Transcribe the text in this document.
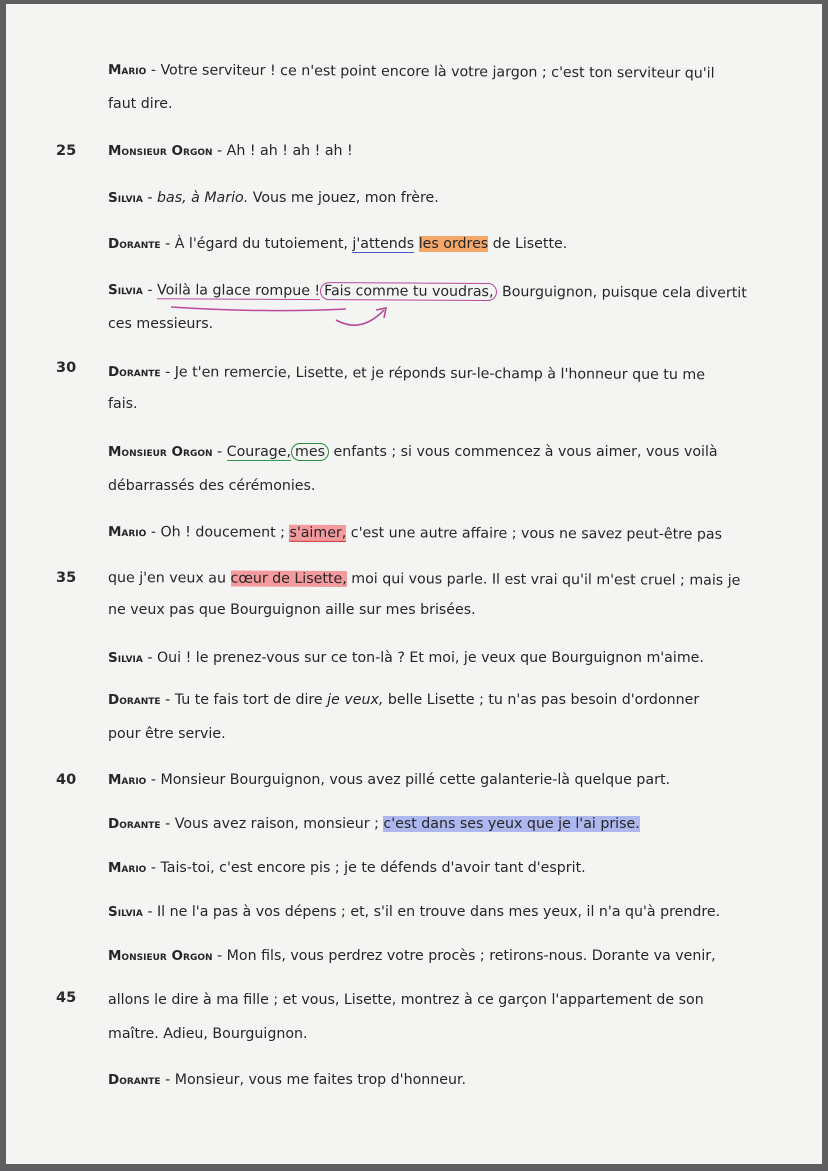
25
30
35
40
45
Mario - Votre serviteur ! ce n'est point encore là votre jargon ; c'est ton serviteur qu'il
faut dire.
Monsieur Orgon - Ah ! ah ! ah ! ah !
Silvia - bas, à Mario. Vous me jouez, mon frère.
Dorante - À l'égard du tutoiement, j'attends les ordres de Lisette.
Silvia - Voilà la glace rompue ! Fais comme tu voudras, Bourguignon, puisque cela divertit
ces messieurs.
Dorante - Je t'en remercie, Lisette, et je réponds sur-le-champ à l'honneur que tu me
fais.
Monsieur Orgon - Courage, mes enfants ; si vous commencez à vous aimer, vous voilà
débarrassés des cérémonies.
Mario - Oh ! doucement ; s'aimer, c'est une autre affaire ; vous ne savez peut-être pas
que j'en veux au cœur de Lisette, moi qui vous parle. Il est vrai qu'il m'est cruel ; mais je
ne veux pas que Bourguignon aille sur mes brisées.
Silvia - Oui ! le prenez-vous sur ce ton-là ? Et moi, je veux que Bourguignon m'aime.
Dorante - Tu te fais tort de dire je veux, belle Lisette ; tu n'as pas besoin d'ordonner
pour être servie.
Mario - Monsieur Bourguignon, vous avez pillé cette galanterie-là quelque part.
Dorante - Vous avez raison, monsieur ; c'est dans ses yeux que je l'ai prise.
Mario - Tais-toi, c'est encore pis ; je te défends d'avoir tant d'esprit.
Silvia - Il ne l'a pas à vos dépens ; et, s'il en trouve dans mes yeux, il n'a qu'à prendre.
Monsieur Orgon - Mon fils, vous perdrez votre procès ; retirons-nous. Dorante va venir,
allons le dire à ma fille ; et vous, Lisette, montrez à ce garçon l'appartement de son
maître. Adieu, Bourguignon.
Dorante - Monsieur, vous me faites trop d'honneur.
